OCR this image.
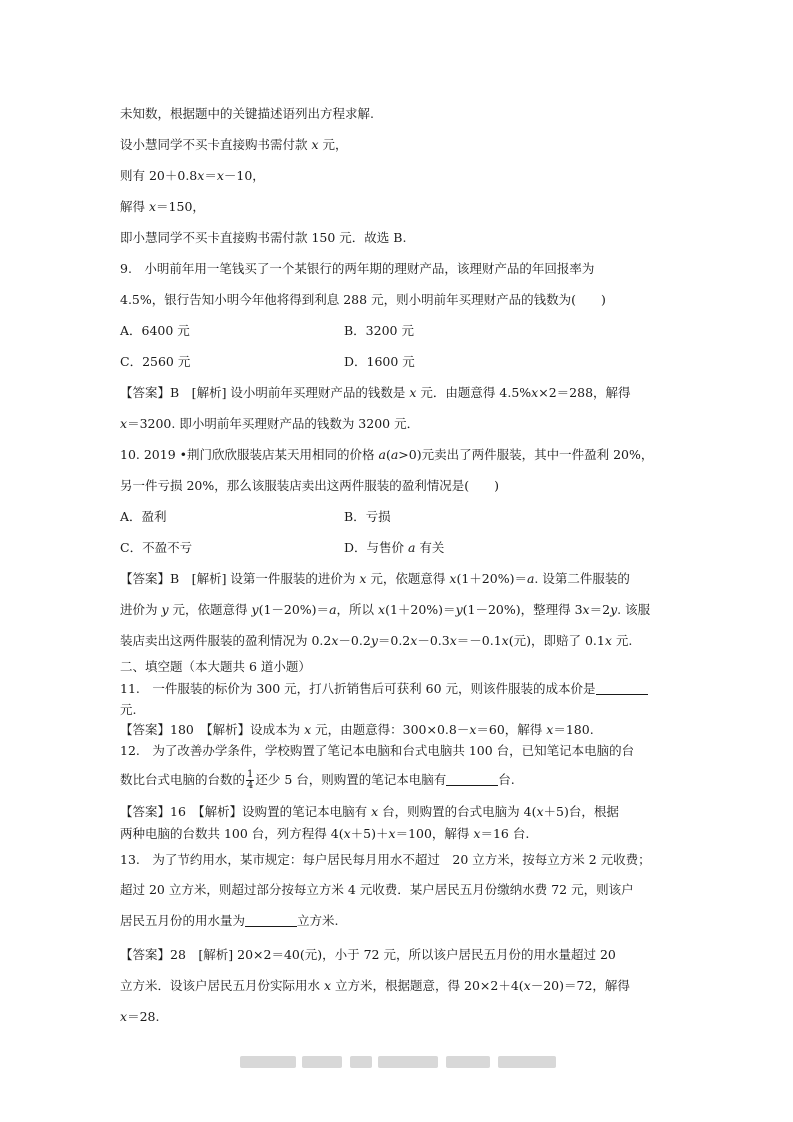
未知数，根据题中的关键描述语列出方程求解.
设小慧同学不买卡直接购书需付款 x 元，
则有 20＋0.8x＝x－10，
解得 x＝150，
即小慧同学不买卡直接购书需付款 150 元．故选 B.
9.　小明前年用一笔钱买了一个某银行的两年期的理财产品，该理财产品的年回报率为
4.5%，银行告知小明今年他将得到利息 288 元，则小明前年买理财产品的钱数为(　　)
A．6400 元	B．3200 元
C．2560 元	D．1600 元
【答案】B　[解析] 设小明前年买理财产品的钱数是 x 元．由题意得 4.5%x×2＝288，解得
x＝3200. 即小明前年买理财产品的钱数为 3200 元．
10. 2019 •荆门欣欣服装店某天用相同的价格 a(a>0)元卖出了两件服装，其中一件盈利 20%，
另一件亏损 20%，那么该服装店卖出这两件服装的盈利情况是(　　)
A．盈利	B．亏损
C．不盈不亏	D．与售价 a 有关
【答案】B　[解析] 设第一件服装的进价为 x 元，依题意得 x(1＋20%)＝a. 设第二件服装的
进价为 y 元，依题意得 y(1－20%)＝a，所以 x(1＋20%)＝y(1－20%)，整理得 3x＝2y. 该服
装店卖出这两件服装的盈利情况为 0.2x－0.2y＝0.2x－0.3x＝－0.1x(元)，即赔了 0.1x 元.
二、填空题（本大题共 6 道小题）
11.　一件服装的标价为 300 元，打八折销售后可获利 60 元，则该件服装的成本价是
元.
【答案】180　【解析】设成本为 x 元，由题意得：300×0.8－x＝60，解得 x＝180.
12.　为了改善办学条件，学校购置了笔记本电脑和台式电脑共 100 台，已知笔记本电脑的台
数比台式电脑的台数的 $\frac{1}{4}$ 还少 5 台，则购置的笔记本电脑有	台.
【答案】16　【解析】设购置的笔记本电脑有 x 台，则购置的台式电脑为 4(x＋5)台，根据
两种电脑的台数共 100 台，列方程得 4(x＋5)＋x＝100，解得 x＝16 台.
13.　为了节约用水，某市规定：每户居民每月用水不超过　20 立方米，按每立方米 2 元收费；
超过 20 立方米，则超过部分按每立方米 4 元收费．某户居民五月份缴纳水费 72 元，则该户
居民五月份的用水量为	立方米.
【答案】28　[解析] 20×2＝40(元)，小于 72 元，所以该户居民五月份的用水量超过 20
立方米．设该户居民五月份实际用水 x 立方米，根据题意，得 20×2＋4(x－20)＝72，解得
x＝28.
